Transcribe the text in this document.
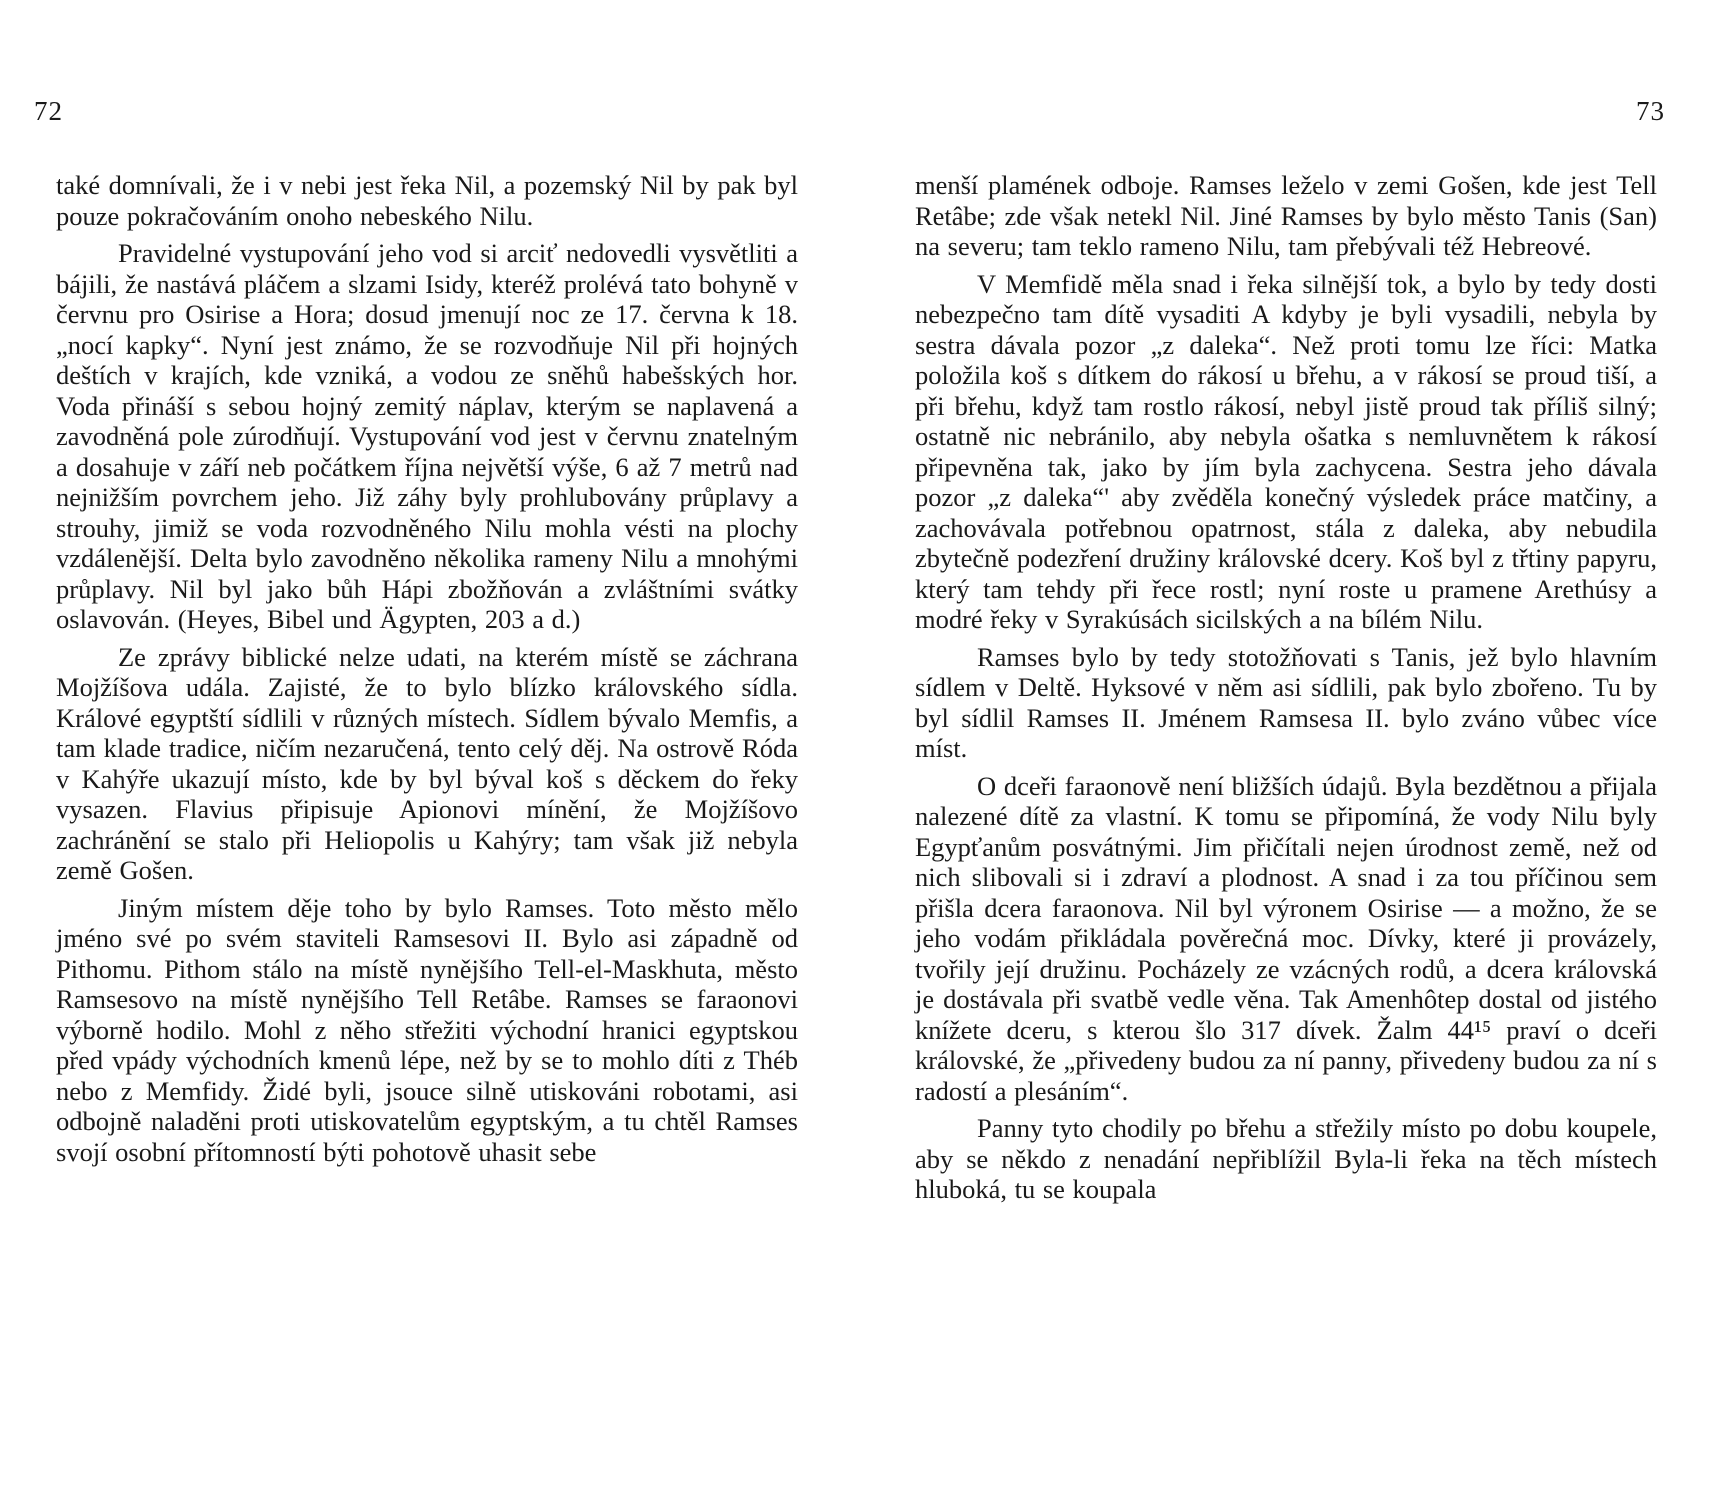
72

také domnívali, že i v nebi jest řeka Nil, a pozemský Nil by pak byl pouze pokračováním onoho nebeského Nilu.

Pravidelné vystupování jeho vod si arciť nedovedli vysvětliti a bájili, že nastává pláčem a slzami Isidy, kteréž prolévá tato bohyně v červnu pro Osirise a Hora; dosud jmenují noc ze 17. června k 18. „nocí kapky“. Nyní jest známo, že se rozvodňuje Nil při hojných deštích v krajích, kde vzniká, a vodou ze sněhů habešských hor. Voda přináší s sebou hojný zemitý náplav, kterým se naplavená a zavodněná pole zúrodňují. Vystupování vod jest v červnu znatelným a dosahuje v září neb počátkem října největší výše, 6 až 7 metrů nad nejnižším povrchem jeho. Již záhy byly prohlubovány průplavy a strouhy, jimiž se voda rozvodněného Nilu mohla vésti na plochy vzdálenější. Delta bylo zavodněno několika rameny Nilu a mnohými průplavy. Nil byl jako bůh Hápi zbožňován a zvláštními svátky oslavován. (Heyes, Bibel und Ägypten, 203 a d.)

Ze zprávy biblické nelze udati, na kterém místě se záchrana Mojžíšova udála. Zajisté, že to bylo blízko královského sídla. Králové egyptští sídlili v různých místech. Sídlem bývalo Memfis, a tam klade tradice, ničím nezaručená, tento celý děj. Na ostrově Róda v Kahýře ukazují místo, kde by byl býval koš s děckem do řeky vysazen. Flavius připisuje Apionovi mínění, že Mojžíšovo zachránění se stalo při Heliopolis u Kahýry; tam však již nebyla země Gošen.

Jiným místem děje toho by bylo Ramses. Toto město mělo jméno své po svém staviteli Ramsesovi II. Bylo asi západně od Pithomu. Pithom stálo na místě nynějšího Tell-el-Maskhuta, město Ramsesovo na místě nynějšího Tell Retâbe. Ramses se faraonovi výborně hodilo. Mohl z něho střežiti východní hranici egyptskou před vpády východních kmenů lépe, než by se to mohlo díti z Théb nebo z Memfidy. Židé byli, jsouce silně utiskováni robotami, asi odbojně naladěni proti utiskovatelům egyptským, a tu chtěl Ramses svojí osobní přítomností býti pohotově uhasit sebe

73

menší plamének odboje. Ramses leželo v zemi Gošen, kde jest Tell Retâbe; zde však netekl Nil. Jiné Ramses by bylo město Tanis (San) na severu; tam teklo rameno Nilu, tam přebývali též Hebreové.

V Memfidě měla snad i řeka silnější tok, a bylo by tedy dosti nebezpečno tam dítě vysaditi A kdyby je byli vysadili, nebyla by sestra dávala pozor „z daleka“. Než proti tomu lze říci: Matka položila koš s dítkem do rákosí u břehu, a v rákosí se proud tiší, a při břehu, když tam rostlo rákosí, nebyl jistě proud tak příliš silný; ostatně nic nebránilo, aby nebyla ošatka s nemluvnětem k rákosí připevněna tak, jako by jím byla zachycena. Sestra jeho dávala pozor „z daleka“' aby zvěděla konečný výsledek práce matčiny, a zachovávala potřebnou opatrnost, stála z daleka, aby nebudila zbytečně podezření družiny královské dcery. Koš byl z třtiny papyru, který tam tehdy při řece rostl; nyní roste u pramene Arethúsy a modré řeky v Syrakúsách sicilských a na bílém Nilu.

Ramses bylo by tedy stotožňovati s Tanis, jež bylo hlavním sídlem v Deltě. Hyksové v něm asi sídlili, pak bylo zbořeno. Tu by byl sídlil Ramses II. Jménem Ramsesa II. bylo zváno vůbec více míst.

O dceři faraonově není bližších údajů. Byla bezdětnou a přijala nalezené dítě za vlastní. K tomu se připomíná, že vody Nilu byly Egypťanům posvátnými. Jim přičítali nejen úrodnost země, než od nich slibovali si i zdraví a plodnost. A snad i za tou příčinou sem přišla dcera faraonova. Nil byl výronem Osirise — a možno, že se jeho vodám přikládala pověrečná moc. Dívky, které ji provázely, tvořily její družinu. Pocházely ze vzácných rodů, a dcera královská je dostávala při svatbě vedle věna. Tak Amenhôtep dostal od jistého knížete dceru, s kterou šlo 317 dívek. Žalm 44¹⁵ praví o dceři královské, že „přivedeny budou za ní panny, přivedeny budou za ní s radostí a plesáním“.

Panny tyto chodily po břehu a střežily místo po dobu koupele, aby se někdo z nenadání nepřiblížil Byla-li řeka na těch místech hluboká, tu se koupala
